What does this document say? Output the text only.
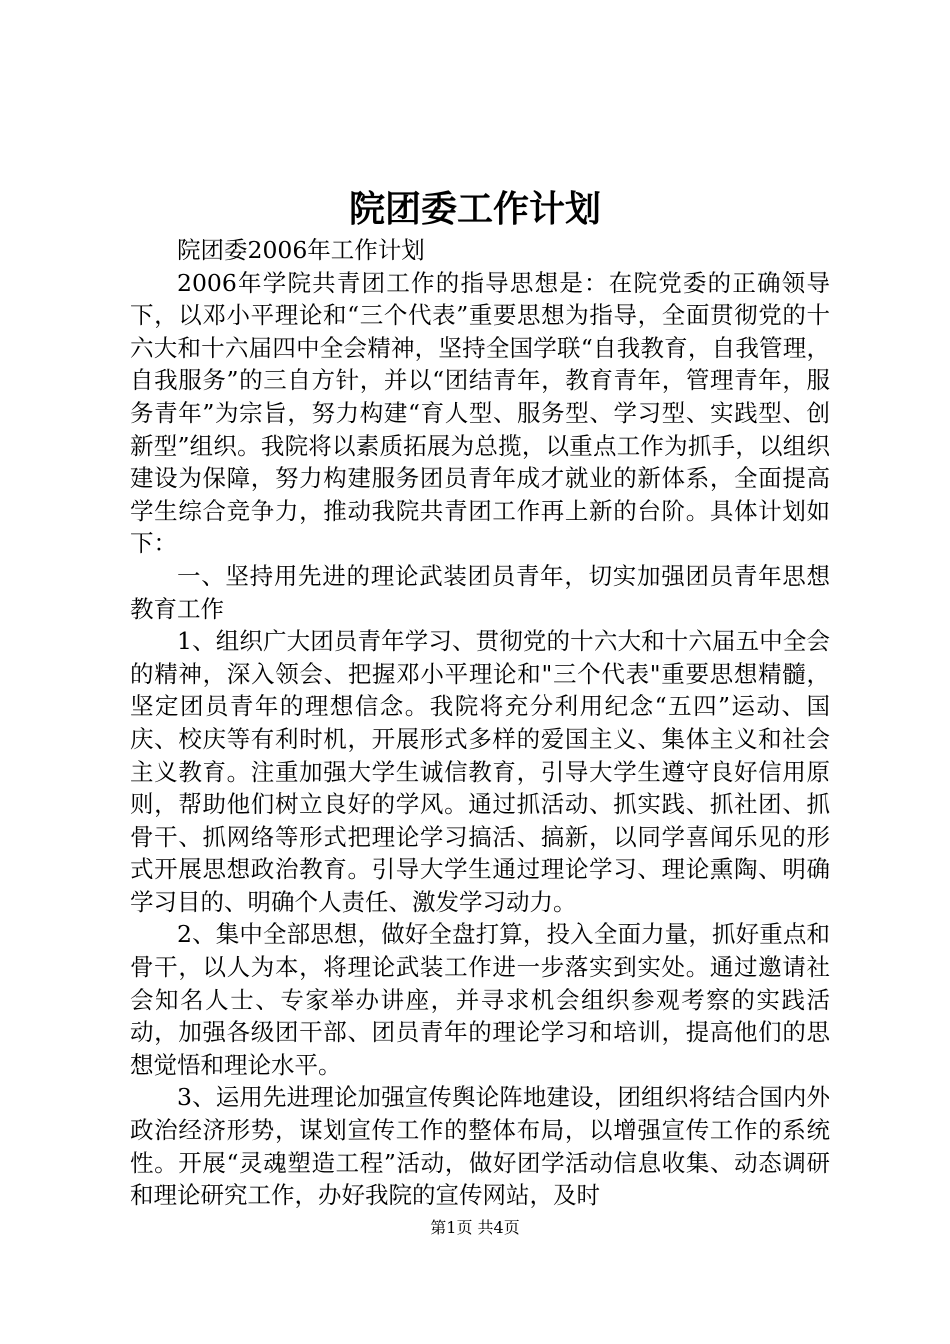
院团委工作计划

院团委2006年工作计划

2006年学院共青团工作的指导思想是：在院党委的正确领导下，以邓小平理论和“三个代表”重要思想为指导，全面贯彻党的十六大和十六届四中全会精神，坚持全国学联“自我教育，自我管理，自我服务”的三自方针，并以“团结青年，教育青年，管理青年，服务青年”为宗旨，努力构建“育人型、服务型、学习型、实践型、创新型”组织。我院将以素质拓展为总揽，以重点工作为抓手，以组织建设为保障，努力构建服务团员青年成才就业的新体系，全面提高学生综合竞争力，推动我院共青团工作再上新的台阶。具体计划如下：

一、坚持用先进的理论武装团员青年，切实加强团员青年思想教育工作

1、组织广大团员青年学习、贯彻党的十六大和十六届五中全会的精神，深入领会、把握邓小平理论和"三个代表"重要思想精髓，坚定团员青年的理想信念。我院将充分利用纪念“五四”运动、国庆、校庆等有利时机，开展形式多样的爱国主义、集体主义和社会主义教育。注重加强大学生诚信教育，引导大学生遵守良好信用原则，帮助他们树立良好的学风。通过抓活动、抓实践、抓社团、抓骨干、抓网络等形式把理论学习搞活、搞新，以同学喜闻乐见的形式开展思想政治教育。引导大学生通过理论学习、理论熏陶、明确学习目的、明确个人责任、激发学习动力。

2、集中全部思想，做好全盘打算，投入全面力量，抓好重点和骨干，以人为本，将理论武装工作进一步落实到实处。通过邀请社会知名人士、专家举办讲座，并寻求机会组织参观考察的实践活动，加强各级团干部、团员青年的理论学习和培训，提高他们的思想觉悟和理论水平。

3、运用先进理论加强宣传舆论阵地建设，团组织将结合国内外政治经济形势，谋划宣传工作的整体布局，以增强宣传工作的系统性。开展“灵魂塑造工程”活动，做好团学活动信息收集、动态调研和理论研究工作，办好我院的宣传网站，及时

第1页 共4页
